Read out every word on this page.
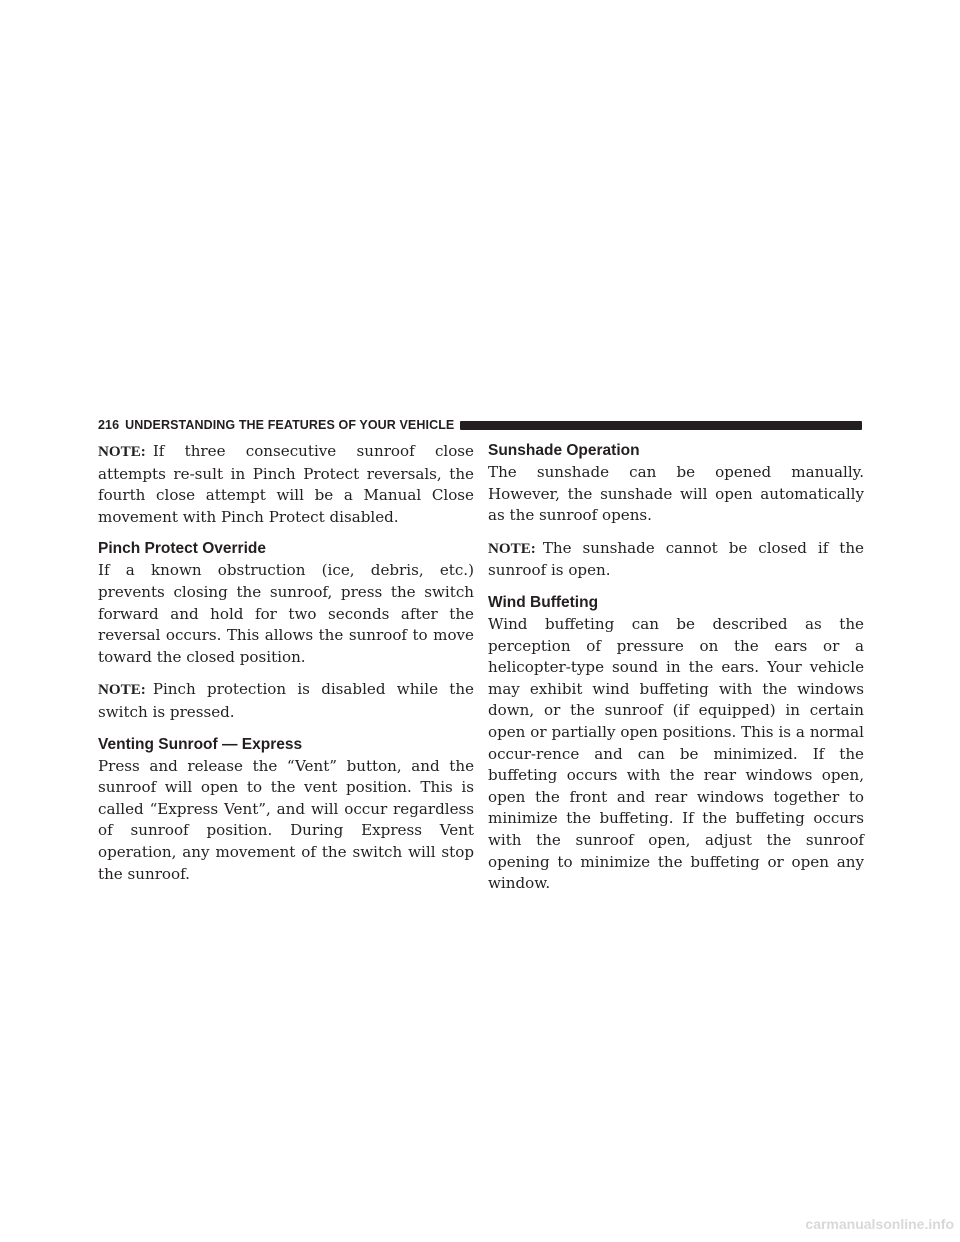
216 UNDERSTANDING THE FEATURES OF YOUR VEHICLE

NOTE: If three consecutive sunroof close attempts re-sult in Pinch Protect reversals, the fourth close attempt will be a Manual Close movement with Pinch Protect disabled.

Pinch Protect Override

If a known obstruction (ice, debris, etc.) prevents closing the sunroof, press the switch forward and hold for two seconds after the reversal occurs. This allows the sunroof to move toward the closed position.

NOTE: Pinch protection is disabled while the switch is pressed.

Venting Sunroof — Express

Press and release the “Vent” button, and the sunroof will open to the vent position. This is called “Express Vent”, and will occur regardless of sunroof position. During Express Vent operation, any movement of the switch will stop the sunroof.

Sunshade Operation

The sunshade can be opened manually. However, the sunshade will open automatically as the sunroof opens.

NOTE: The sunshade cannot be closed if the sunroof is open.

Wind Buffeting

Wind buffeting can be described as the perception of pressure on the ears or a helicopter-type sound in the ears. Your vehicle may exhibit wind buffeting with the windows down, or the sunroof (if equipped) in certain open or partially open positions. This is a normal occur-rence and can be minimized. If the buffeting occurs with the rear windows open, open the front and rear windows together to minimize the buffeting. If the buffeting occurs with the sunroof open, adjust the sunroof opening to minimize the buffeting or open any window.

carmanualsonline.info
